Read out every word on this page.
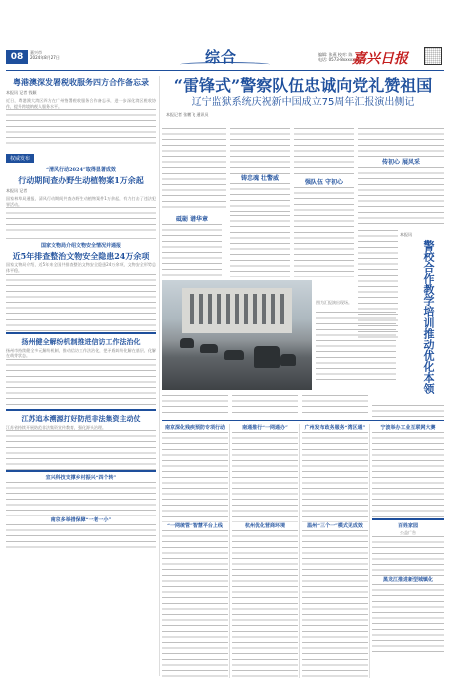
08	嘉兴市
2024年8月27日	综合	编辑: 张燕 校对: 陈
电话: 0573-8xxxxxxx
嘉兴日报
粤港澳深发署税收服务四方合作备忘录
本报讯 记者 钱颖
近日，粤港澳大湾区四方在广州签署税收服务合作备忘录，进一步深化湾区税收协作，提升跨境纳税人服务水平。
权威发布
“清风行动2024”取得显著成效
行动期间查办野生动植物案1万余起
本报讯 记者
国家林草局通报，清风行动期间共查办野生动植物案件1万余起，有力打击了违法犯罪活动。
国家文物局介绍文物安全情况并通报
近5年排查整治文物安全隐患24万余项
国家文物局介绍，近5年来全国共排查整治文物安全隐患24万余项，文物安全形势总体平稳。
扬州健全解纷机制推进信访工作法治化
扬州市持续健全多元解纷机制，推动信访工作法治化，把矛盾纠纷化解在基层、化解在萌芽状态。
江苏追本溯源打好防范非法集资主动仗
江苏省持续开展防范非法集资宣传教育，强化源头治理。
宜兴科技支撑乡村振兴“四个转”
南京多举措保障“一老一小”
“雷锋式”警察队伍忠诚向党礼赞祖国
辽宁监狱系统庆祝新中国成立75周年汇报演出侧记
本报记者 张鹏飞 通讯员
铸忠魂 壮警威
强队伍 守初心
传初心 展风采
砥砺 谱华章
图为汇报演出现场。	警校合作教学培训推动优化本领
本报讯
南京深化残疾预防专项行动
“一网统管”智慧平台上线
南通推行“一网通办”
杭州优化营商环境
广州发布政务服务“湾区通”
温州“三个一”模式见成效
宁波举办工业互联网大赛
百姓家园
公益广告
黑龙江推进新型城镇化
